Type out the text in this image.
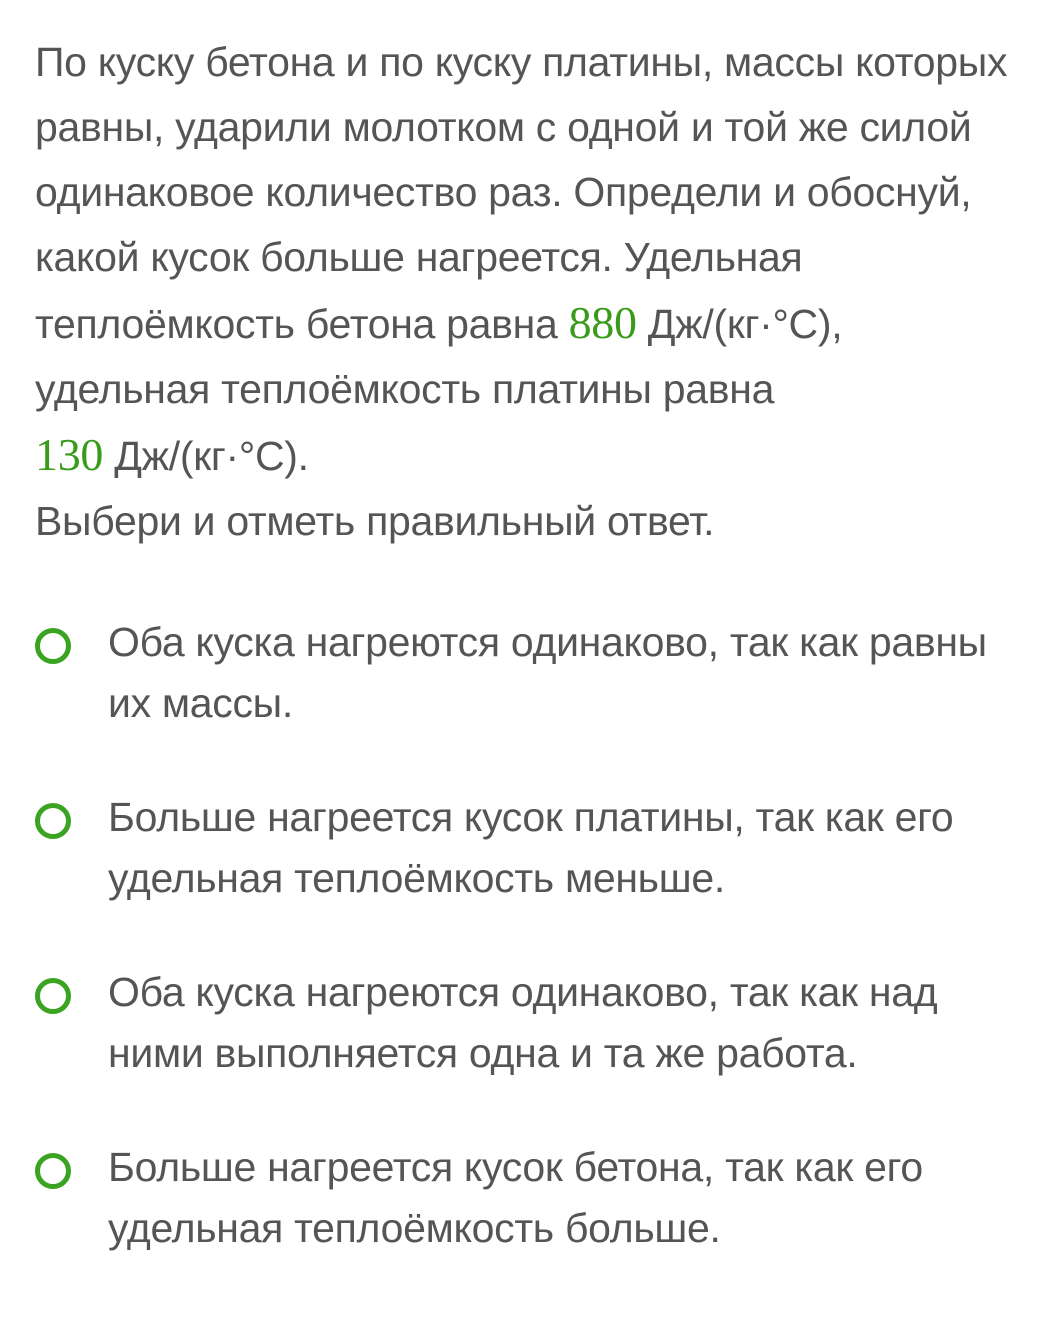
По куску бетона и по куску платины, массы которых равны, ударили молотком с одной и той же силой одинаковое количество раз. Определи и обоснуй, какой кусок больше нагреется. Удельная теплоёмкость бетона равна 880 Дж/(кг·°С), удельная теплоёмкость платины равна
130 Дж/(кг·°С).

Выбери и отметь правильный ответ.

Оба куска нагреются одинаково, так как равны их массы.
Больше нагреется кусок платины, так как его удельная теплоёмкость меньше.
Оба куска нагреются одинаково, так как над ними выполняется одна и та же работа.
Больше нагреется кусок бетона, так как его удельная теплоёмкость больше.
